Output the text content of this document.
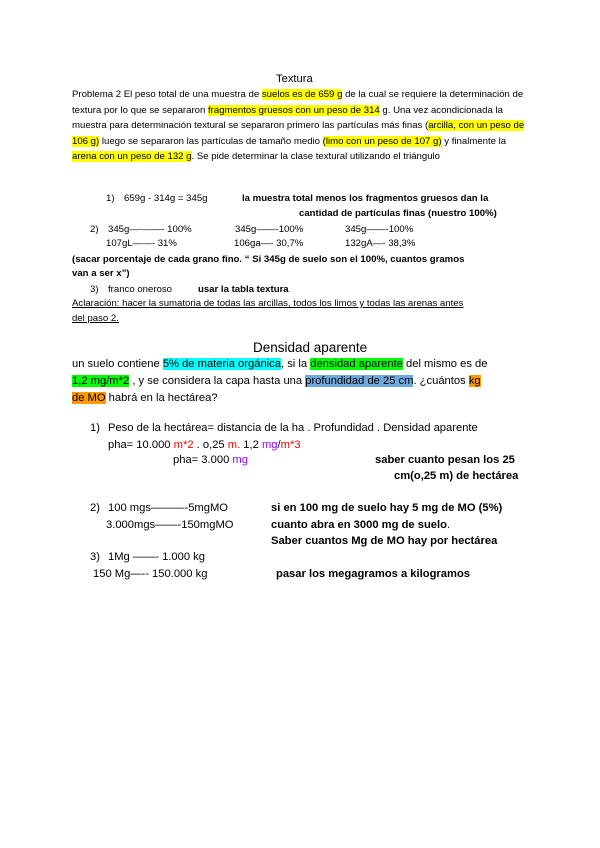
Textura
Problema 2 El peso total de una muestra de suelos es de 659 g de la cual se requiere la determinación de textura por lo que se separaron fragmentos gruesos con un peso de 314 g. Una vez acondicionada la muestra para determinación textural se separaron primero las partículas más finas (arcilla, con un peso de 106 g) luego se separaron las partículas de tamaño medio (limo con un peso de 107 g) y finalmente la arena con un peso de 132 g. Se pide determinar la clase textural utilizando el triángulo
1) 659g - 314g = 345g	la muestra total menos los fragmentos gruesos dan la
cantidad de partículas finas (nuestro 100%)
2) 345g—-——- 100%	345g——-100%	345g——-100%
107gL——- 31%	106ga—- 30,7%	132gA—- 38,3%
(sacar porcentaje de cada grano fino. “ Si 345g de suelo son el 100%, cuantos gramos
van a ser x”)
3) franco oneroso	usar la tabla textura
Aclaración: hacer la sumatoria de todas las arcillas, todos los limos y todas las arenas antes
del paso 2.
Densidad aparente
un suelo contiene 5% de materia orgánica, si la densidad aparente del mismo es de
1,2 mg/m*2 , y se considera la capa hasta una profundidad de 25 cm. ¿cuántos kg
de MO habrá en la hectárea?
1) Peso de la hectárea= distancia de la ha . Profundidad . Densidad aparente
pha= 10.000 m*2 . o,25 m. 1,2 mg/m*3
pha= 3.000 mg	saber cuanto pesan los 25
cm(o,25 m) de hectárea
2) 100 mgs———-5mgMO
3.000mgs——-150mgMO
si en 100 mg de suelo hay 5 mg de MO (5%)
cuanto abra en 3000 mg de suelo.
Saber cuantos Mg de MO hay por hectárea
3) 1Mg ——- 1.000 kg
150 Mg—-- 150.000 kg	pasar los megagramos a kilogramos
